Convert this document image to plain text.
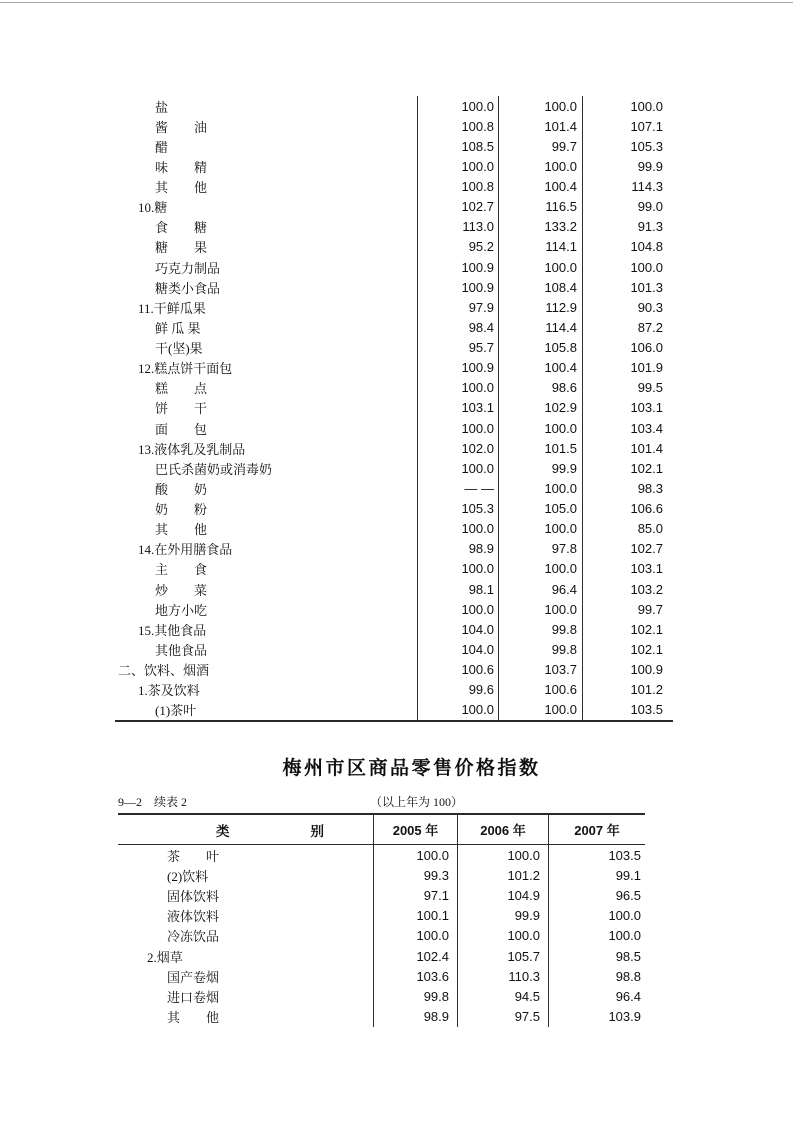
盐	100.0	100.0	100.0
酱　　油	100.8	101.4	107.1
醋	108.5	99.7	105.3
味　　精	100.0	100.0	99.9
其　　他	100.8	100.4	114.3
10.糖	102.7	116.5	99.0
食　　糖	113.0	133.2	91.3
糖　　果	95.2	114.1	104.8
巧克力制品	100.9	100.0	100.0
糖类小食品	100.9	108.4	101.3
11.干鲜瓜果	97.9	112.9	90.3
鲜 瓜 果	98.4	114.4	87.2
干(坚)果	95.7	105.8	106.0
12.糕点饼干面包	100.9	100.4	101.9
糕　　点	100.0	98.6	99.5
饼　　干	103.1	102.9	103.1
面　　包	100.0	100.0	103.4
13.液体乳及乳制品	102.0	101.5	101.4
巴氏杀菌奶或消毒奶	100.0	99.9	102.1
酸　　奶	— —	100.0	98.3
奶　　粉	105.3	105.0	106.6
其　　他	100.0	100.0	85.0
14.在外用膳食品	98.9	97.8	102.7
主　　食	100.0	100.0	103.1
炒　　菜	98.1	96.4	103.2
地方小吃	100.0	100.0	99.7
15.其他食品	104.0	99.8	102.1
其他食品	104.0	99.8	102.1
二、饮料、烟酒	100.6	103.7	100.9
1.茶及饮料	99.6	100.6	101.2
(1)茶叶	100.0	100.0	103.5
梅州市区商品零售价格指数
9—2　续表 2	（以上年为 100）
类　　　　　　别	2005 年	2006 年	2007 年
茶　　叶	100.0	100.0	103.5
(2)饮料	99.3	101.2	99.1
固体饮料	97.1	104.9	96.5
液体饮料	100.1	99.9	100.0
冷冻饮品	100.0	100.0	100.0
2.烟草	102.4	105.7	98.5
国产卷烟	103.6	110.3	98.8
进口卷烟	99.8	94.5	96.4
其　　他	98.9	97.5	103.9
